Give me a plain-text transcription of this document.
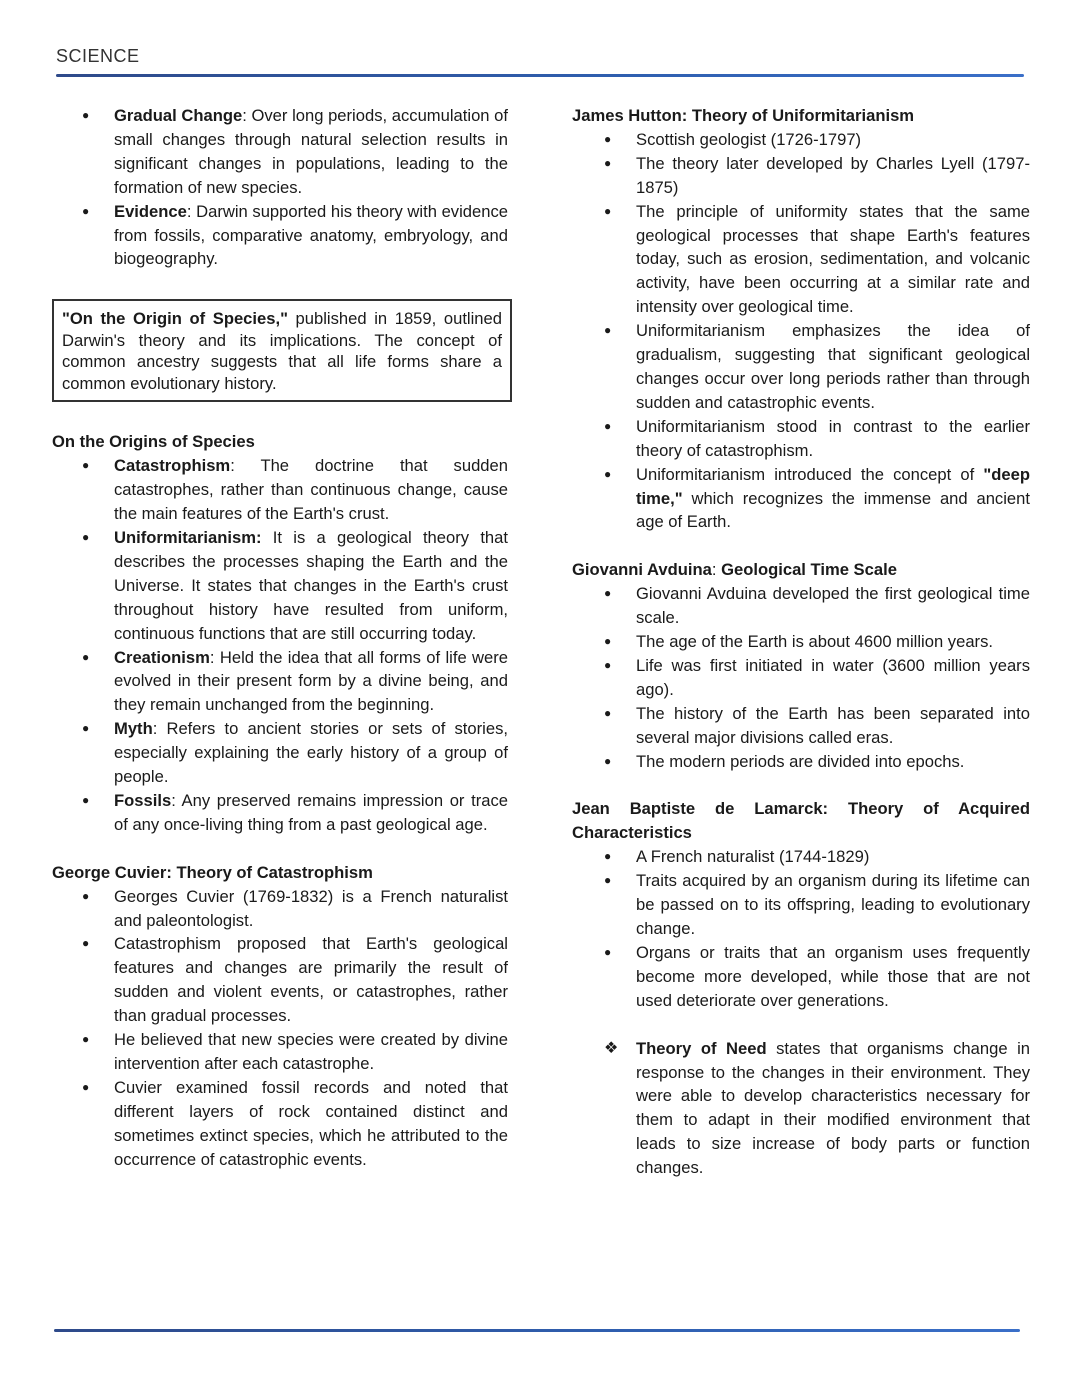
SCIENCE
● Gradual Change: Over long periods, accumulation of small changes through natural selection results in significant changes in populations, leading to the formation of new species.
● Evidence: Darwin supported his theory with evidence from fossils, comparative anatomy, embryology, and biogeography.
"On the Origin of Species," published in 1859, outlined Darwin's theory and its implications. The concept of common ancestry suggests that all life forms share a common evolutionary history.
On the Origins of Species
● Catastrophism: The doctrine that sudden catastrophes, rather than continuous change, cause the main features of the Earth's crust.
● Uniformitarianism: It is a geological theory that describes the processes shaping the Earth and the Universe. It states that changes in the Earth's crust throughout history have resulted from uniform, continuous functions that are still occurring today.
● Creationism: Held the idea that all forms of life were evolved in their present form by a divine being, and they remain unchanged from the beginning.
● Myth: Refers to ancient stories or sets of stories, especially explaining the early history of a group of people.
● Fossils: Any preserved remains impression or trace of any once-living thing from a past geological age.
George Cuvier: Theory of Catastrophism
● Georges Cuvier (1769-1832) is a French naturalist and paleontologist.
● Catastrophism proposed that Earth's geological features and changes are primarily the result of sudden and violent events, or catastrophes, rather than gradual processes.
● He believed that new species were created by divine intervention after each catastrophe.
● Cuvier examined fossil records and noted that different layers of rock contained distinct and sometimes extinct species, which he attributed to the occurrence of catastrophic events.
James Hutton: Theory of Uniformitarianism
● Scottish geologist (1726-1797)
● The theory later developed by Charles Lyell (1797-1875)
● The principle of uniformity states that the same geological processes that shape Earth's features today, such as erosion, sedimentation, and volcanic activity, have been occurring at a similar rate and intensity over geological time.
● Uniformitarianism emphasizes the idea of gradualism, suggesting that significant geological changes occur over long periods rather than through sudden and catastrophic events.
● Uniformitarianism stood in contrast to the earlier theory of catastrophism.
● Uniformitarianism introduced the concept of "deep time," which recognizes the immense and ancient age of Earth.
Giovanni Avduina: Geological Time Scale
● Giovanni Avduina developed the first geological time scale.
● The age of the Earth is about 4600 million years.
● Life was first initiated in water (3600 million years ago).
● The history of the Earth has been separated into several major divisions called eras.
● The modern periods are divided into epochs.
Jean Baptiste de Lamarck: Theory of Acquired Characteristics
● A French naturalist (1744-1829)
● Traits acquired by an organism during its lifetime can be passed on to its offspring, leading to evolutionary change.
● Organs or traits that an organism uses frequently become more developed, while those that are not used deteriorate over generations.
❖ Theory of Need states that organisms change in response to the changes in their environment. They were able to develop characteristics necessary for them to adapt in their modified environment that leads to size increase of body parts or function changes.
